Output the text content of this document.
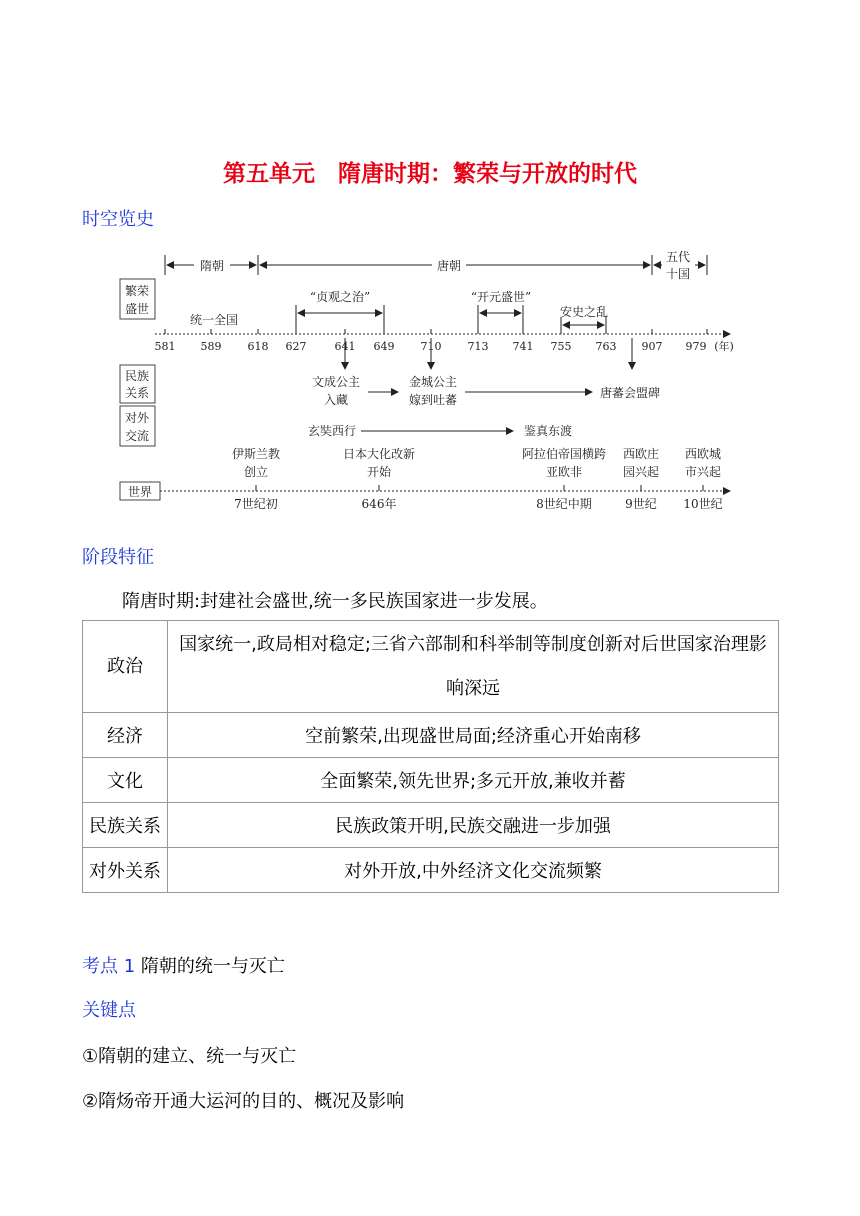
第五单元　隋唐时期：繁荣与开放的时代
时空览史
隋朝	唐朝
五代
十国
繁荣
盛世
民族
关系
对外
交流
世界
581 589 618 627	641 649 710 713 741 755 763 907 979 (年)
统一全国
“贞观之治”	“开元盛世”
安史之乱
文成公主
入藏
金城公主
嫁到吐蕃	唐蕃会盟碑
玄奘西行	鉴真东渡
伊斯兰教
创立
7世纪初
日本大化改新
开始
646年
阿拉伯帝国横跨
亚欧非
8世纪中期
西欧庄
园兴起
9世纪
西欧城
市兴起
10世纪
阶段特征
隋唐时期:封建社会盛世,统一多民族国家进一步发展。
政治	国家统一,政局相对稳定;三省六部制和科举制等制度创新对后世国家治理影响深远
经济	空前繁荣,出现盛世局面;经济重心开始南移
文化	全面繁荣,领先世界;多元开放,兼收并蓄
民族关系	民族政策开明,民族交融进一步加强
对外关系	对外开放,中外经济文化交流频繁
考点 1 隋朝的统一与灭亡
关键点
①隋朝的建立、统一与灭亡
②隋炀帝开通大运河的目的、概况及影响
